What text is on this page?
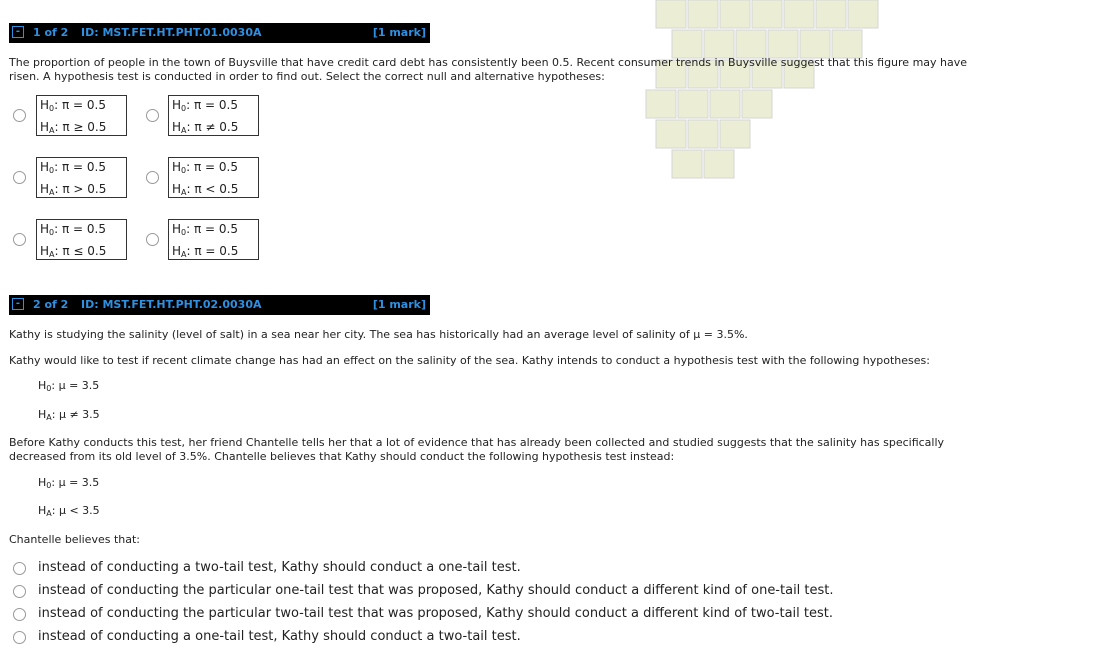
-	1 of 2 ID: MST.FET.HT.PHT.01.0030A	[1 mark]
The proportion of people in the town of Buysville that have credit card debt has consistently been 0.5. Recent consumer trends in Buysville suggest that this figure may have risen. A hypothesis test is conducted in order to find out. Select the correct null and alternative hypotheses:
$H_0$: π = 0.5
$H_A$: π ≥ 0.5
$H_0$: π = 0.5
$H_A$: π ≠ 0.5
$H_0$: π = 0.5
$H_A$: π > 0.5
$H_0$: π = 0.5
$H_A$: π < 0.5
$H_0$: π = 0.5
$H_A$: π ≤ 0.5
$H_0$: π = 0.5
$H_A$: π = 0.5
-	2 of 2 ID: MST.FET.HT.PHT.02.0030A	[1 mark]
Kathy is studying the salinity (level of salt) in a sea near her city. The sea has historically had an average level of salinity of μ = 3.5%.
Kathy would like to test if recent climate change has had an effect on the salinity of the sea. Kathy intends to conduct a hypothesis test with the following hypotheses:
$H_0$: μ = 3.5
$H_A$: μ ≠ 3.5
Before Kathy conducts this test, her friend Chantelle tells her that a lot of evidence that has already been collected and studied suggests that the salinity has specifically decreased from its old level of 3.5%. Chantelle believes that Kathy should conduct the following hypothesis test instead:
$H_0$: μ = 3.5
$H_A$: μ < 3.5
Chantelle believes that:
instead of conducting a two-tail test, Kathy should conduct a one-tail test.
instead of conducting the particular one-tail test that was proposed, Kathy should conduct a different kind of one-tail test.
instead of conducting the particular two-tail test that was proposed, Kathy should conduct a different kind of two-tail test.
instead of conducting a one-tail test, Kathy should conduct a two-tail test.
